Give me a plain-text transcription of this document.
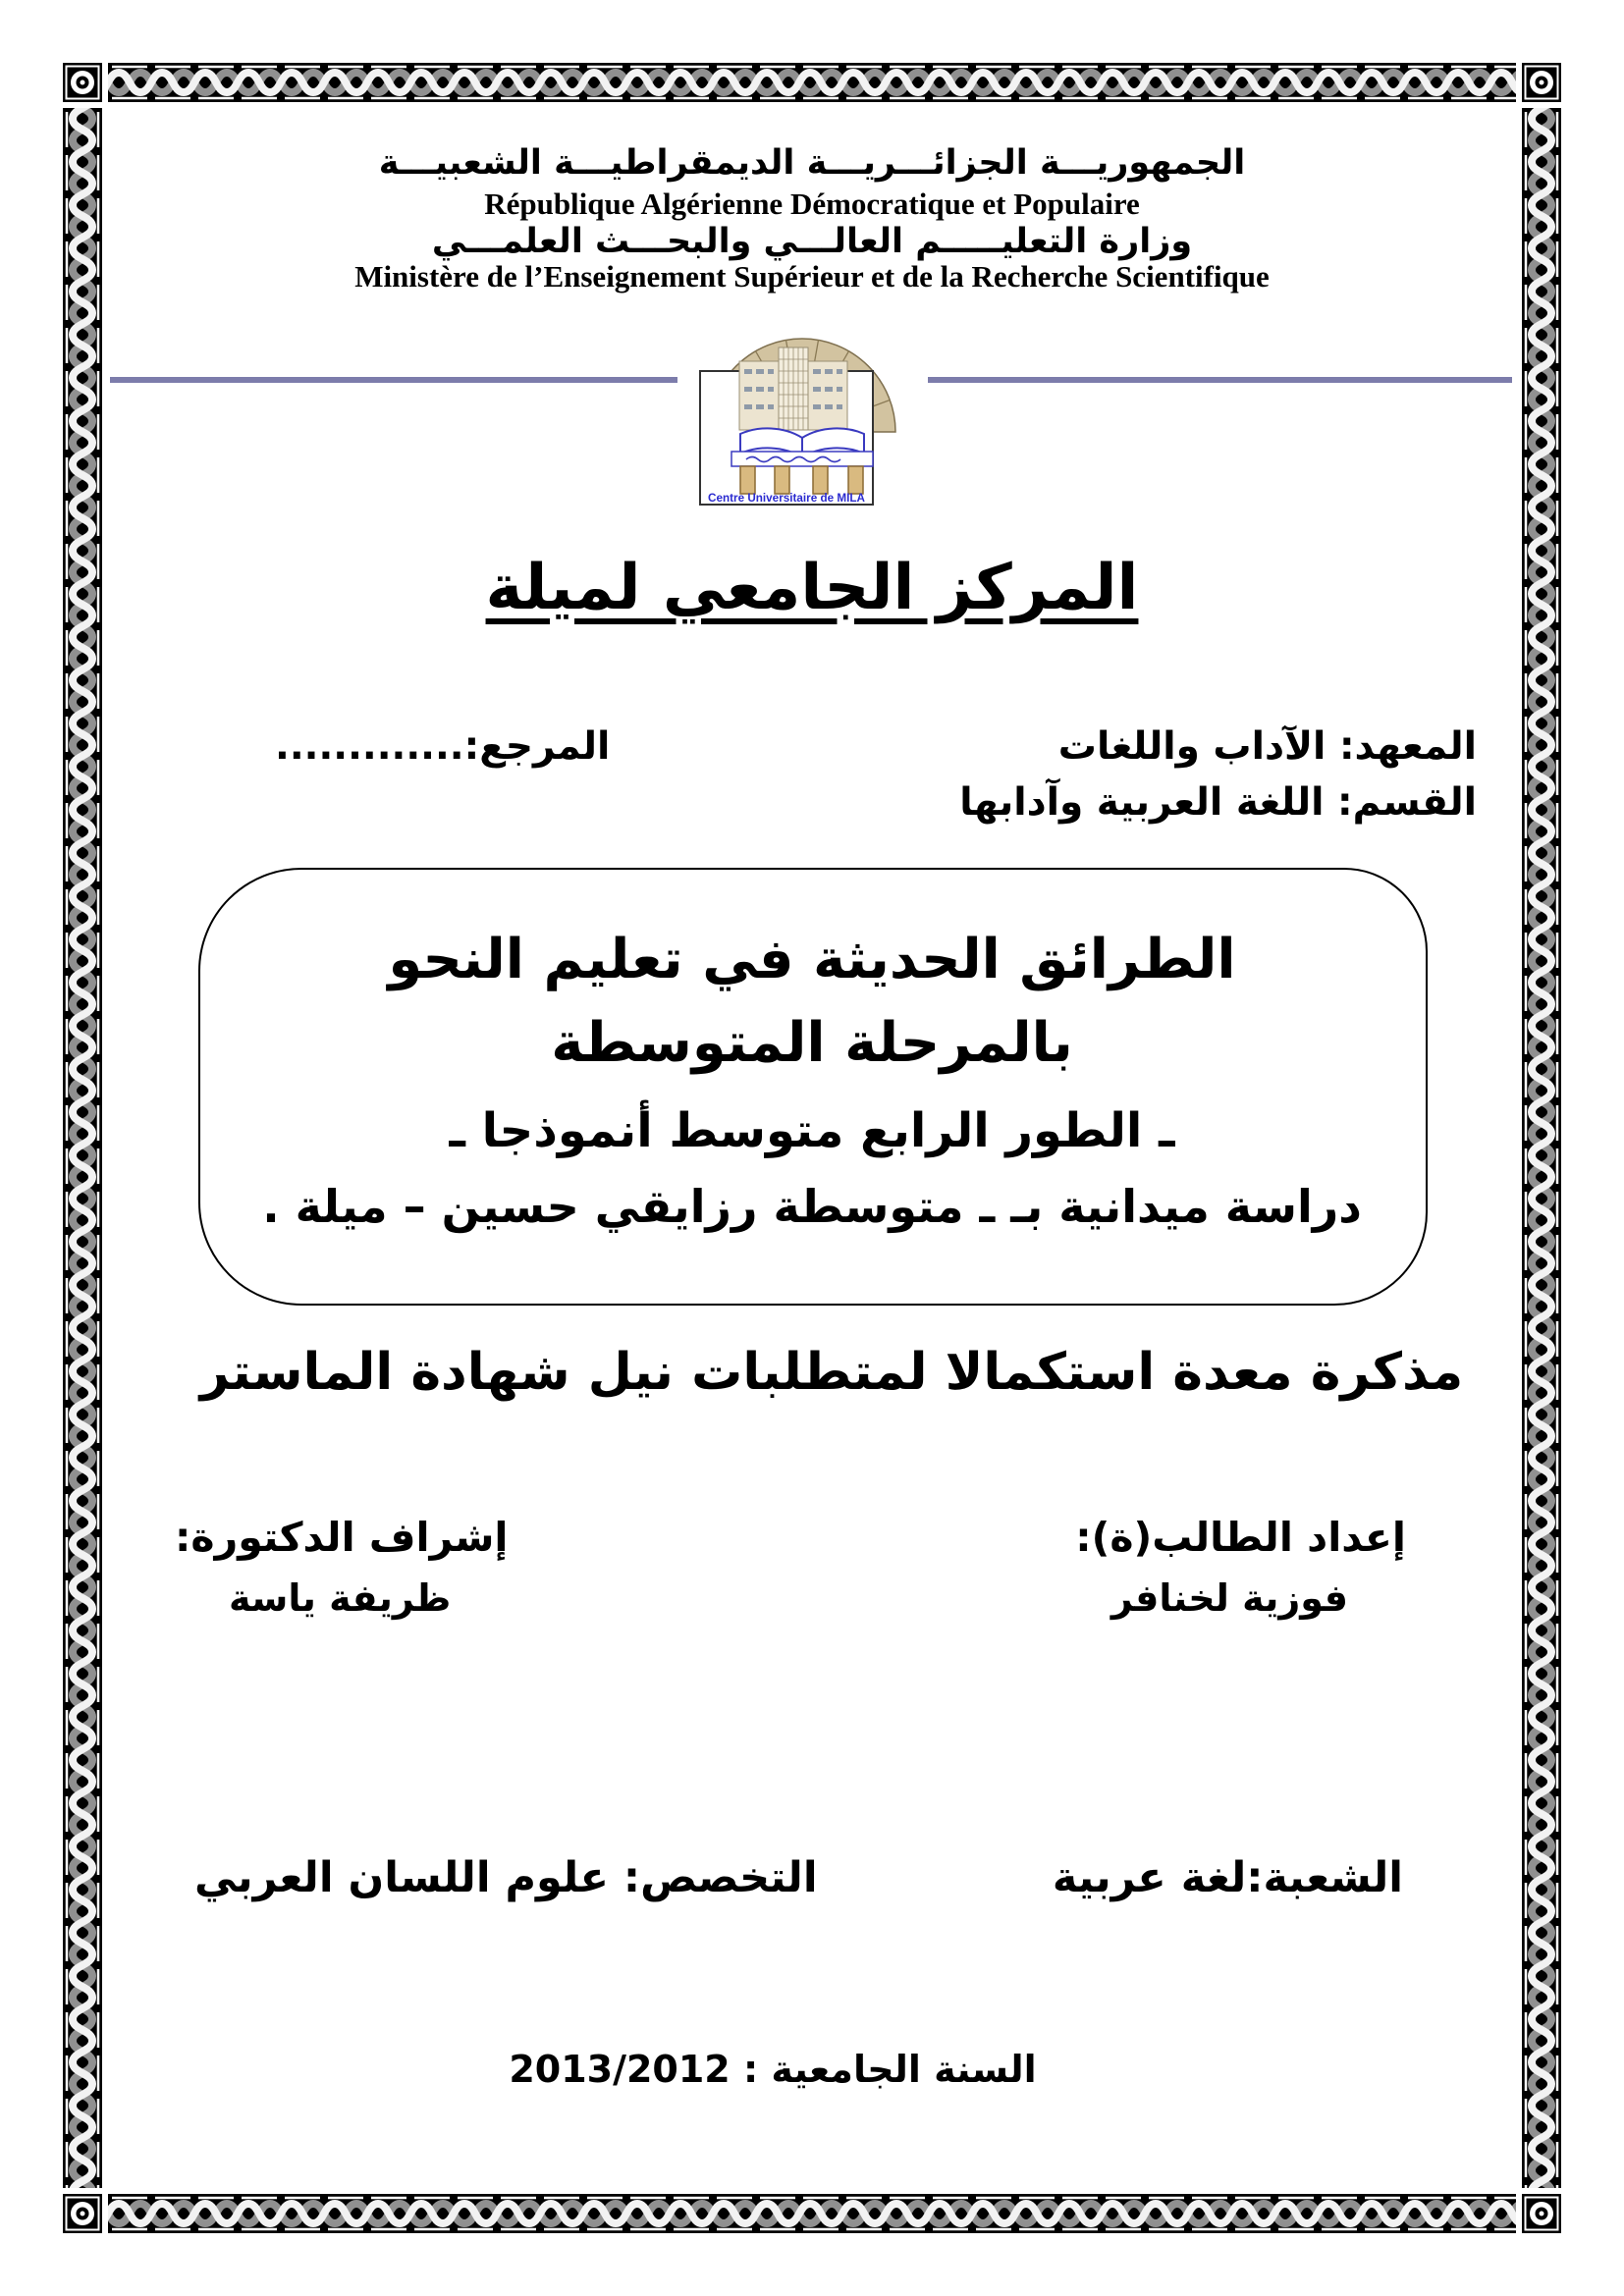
الجمهوريـــة الجزائـــريـــة الديمقراطيـــة الشعبيـــة
République Algérienne Démocratique et Populaire
وزارة التعليـــــم العالـــي والبحـــث العلمـــي
Ministère de l’Enseignement Supérieur et de la Recherche Scientifique
Centre Universitaire de MILA
المركز الجامعي لميلة
المعهد: الآداب واللغات
المرجع:.............
القسم: اللغة العربية وآدابها
الطرائق الحديثة في تعليم النحو
بالمرحلة المتوسطة
ـ الطور الرابع متوسط أنموذجا ـ
دراسة ميدانية بـ ـ متوسطة رزايقي حسين – ميلة .
مذكرة معدة استكمالا لمتطلبات نيل شهادة الماستر
إعداد الطالب(ة):
إشراف الدكتورة:
فوزية لخنافر
ظريفة ياسة
الشعبة:لغة عربية
التخصص: علوم اللسان العربي
السنة الجامعية : 2013/2012
